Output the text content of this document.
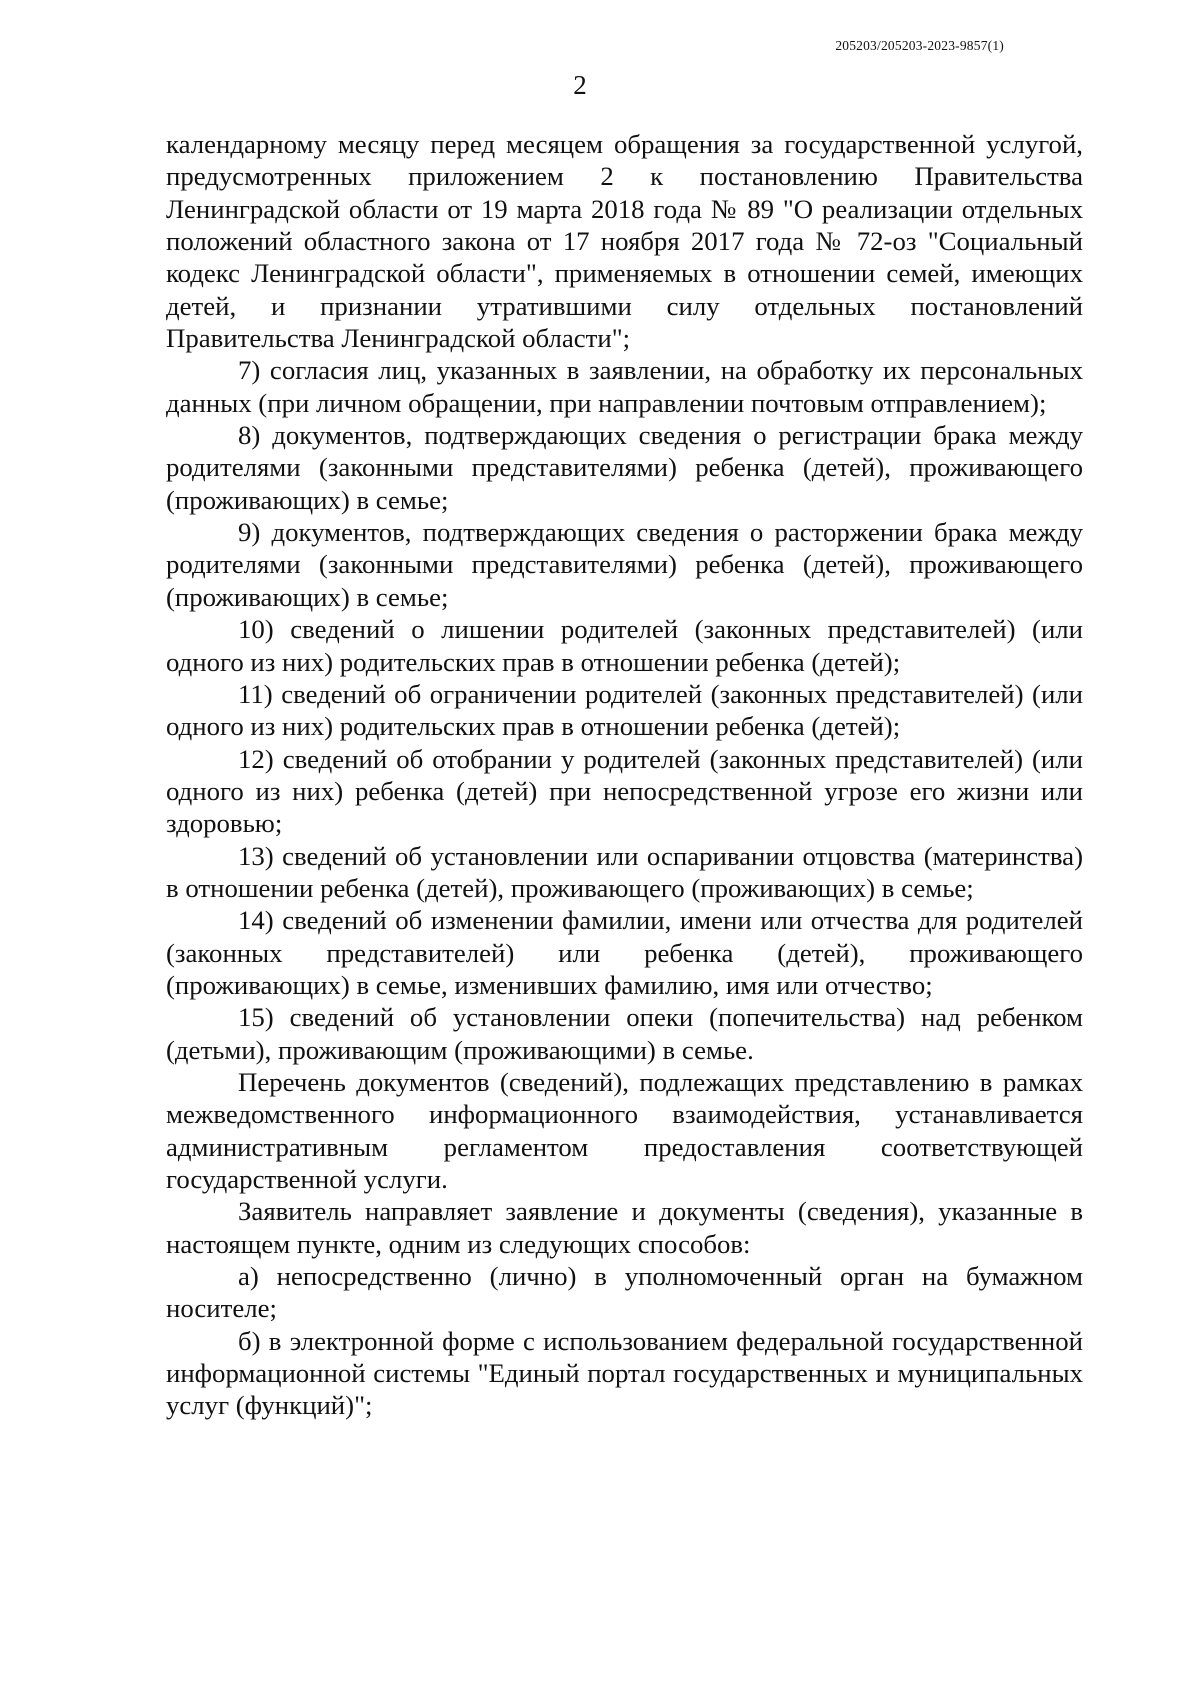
205203/205203-2023-9857(1)
2

календарному месяцу перед месяцем обращения за государственной услугой, предусмотренных приложением 2 к постановлению Правительства Ленинградской области от 19 марта 2018 года № 89 "О реализации отдельных положений областного закона от 17 ноября 2017 года № 72-оз "Социальный кодекс Ленинградской области", применяемых в отношении семей, имеющих детей, и признании утратившими силу отдельных постановлений Правительства Ленинградской области";

7) согласия лиц, указанных в заявлении, на обработку их персональных данных (при личном обращении, при направлении почтовым отправлением);

8) документов, подтверждающих сведения о регистрации брака между родителями (законными представителями) ребенка (детей), проживающего (проживающих) в семье;

9) документов, подтверждающих сведения о расторжении брака между родителями (законными представителями) ребенка (детей), проживающего (проживающих) в семье;

10) сведений о лишении родителей (законных представителей) (или одного из них) родительских прав в отношении ребенка (детей);

11) сведений об ограничении родителей (законных представителей) (или одного из них) родительских прав в отношении ребенка (детей);

12) сведений об отобрании у родителей (законных представителей) (или одного из них) ребенка (детей) при непосредственной угрозе его жизни или здоровью;

13) сведений об установлении или оспаривании отцовства (материнства) в отношении ребенка (детей), проживающего (проживающих) в семье;

14) сведений об изменении фамилии, имени или отчества для родителей (законных представителей) или ребенка (детей), проживающего (проживающих) в семье, изменивших фамилию, имя или отчество;

15) сведений об установлении опеки (попечительства) над ребенком (детьми), проживающим (проживающими) в семье.

Перечень документов (сведений), подлежащих представлению в рамках межведомственного информационного взаимодействия, устанавливается административным регламентом предоставления соответствующей государственной услуги.

Заявитель направляет заявление и документы (сведения), указанные в настоящем пункте, одним из следующих способов:

а) непосредственно (лично) в уполномоченный орган на бумажном носителе;

б) в электронной форме с использованием федеральной государственной информационной системы "Единый портал государственных и муниципальных услуг (функций)";
